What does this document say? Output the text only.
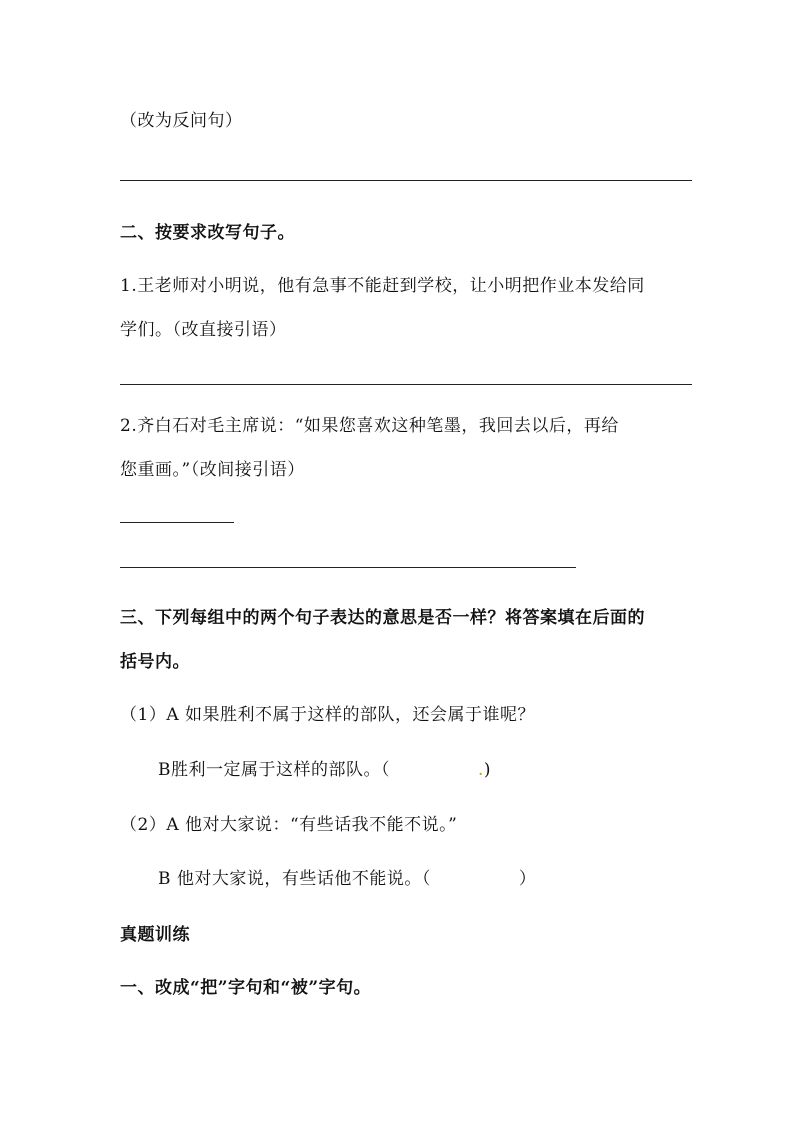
（改为反问句）
二、按要求改写句子。
1.王老师对小明说，他有急事不能赶到学校，让小明把作业本发给同
学们。（改直接引语）
2.齐白石对毛主席说：“如果您喜欢这种笔墨，我回去以后，再给
您重画。”（改间接引语）
三、下列每组中的两个句子表达的意思是否一样？将答案填在后面的
括号内。
（1）A 如果胜利不属于这样的部队，还会属于谁呢？
B胜利一定属于这样的部队。（	.)
（2）A 他对大家说：“有些话我不能不说。”
B 他对大家说，有些话他不能说。（	）
真题训练
一、改成“把”字句和“被”字句。
